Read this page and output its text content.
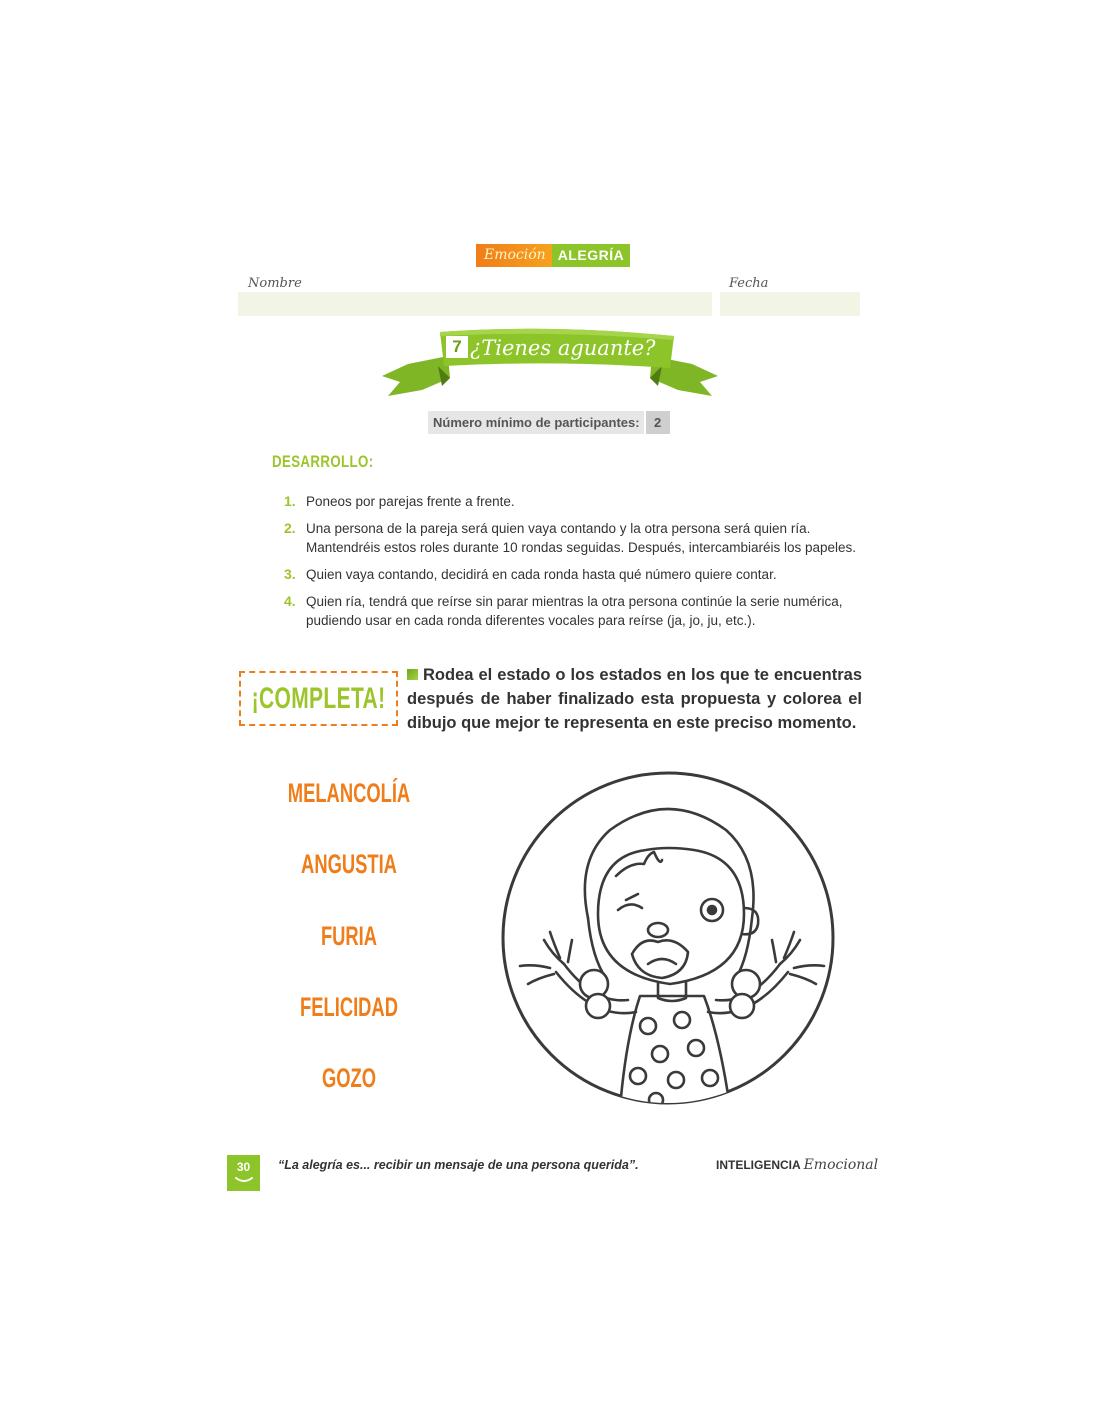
Emoción ALEGRÍA
Nombre	Fecha
7 ¿Tienes aguante?
Número mínimo de participantes:	2
DESARROLLO:
1. Poneos por parejas frente a frente.
2. Una persona de la pareja será quien vaya contando y la otra persona será quien ría. Mantendréis estos roles durante 10 rondas seguidas. Después, intercambiaréis los papeles.
3. Quien vaya contando, decidirá en cada ronda hasta qué número quiere contar.
4. Quien ría, tendrá que reírse sin parar mientras la otra persona continúe la serie numérica, pudiendo usar en cada ronda diferentes vocales para reírse (ja, jo, ju, etc.).
¡COMPLETA!
Rodea el estado o los estados en los que te encuentras después de haber finalizado esta propuesta y colorea el dibujo que mejor te representa en este preciso momento.
MELANCOLÍA
ANGUSTIA
FURIA
FELICIDAD
GOZO
30	“La alegría es... recibir un mensaje de una persona querida”.	INTELIGENCIA Emocional
